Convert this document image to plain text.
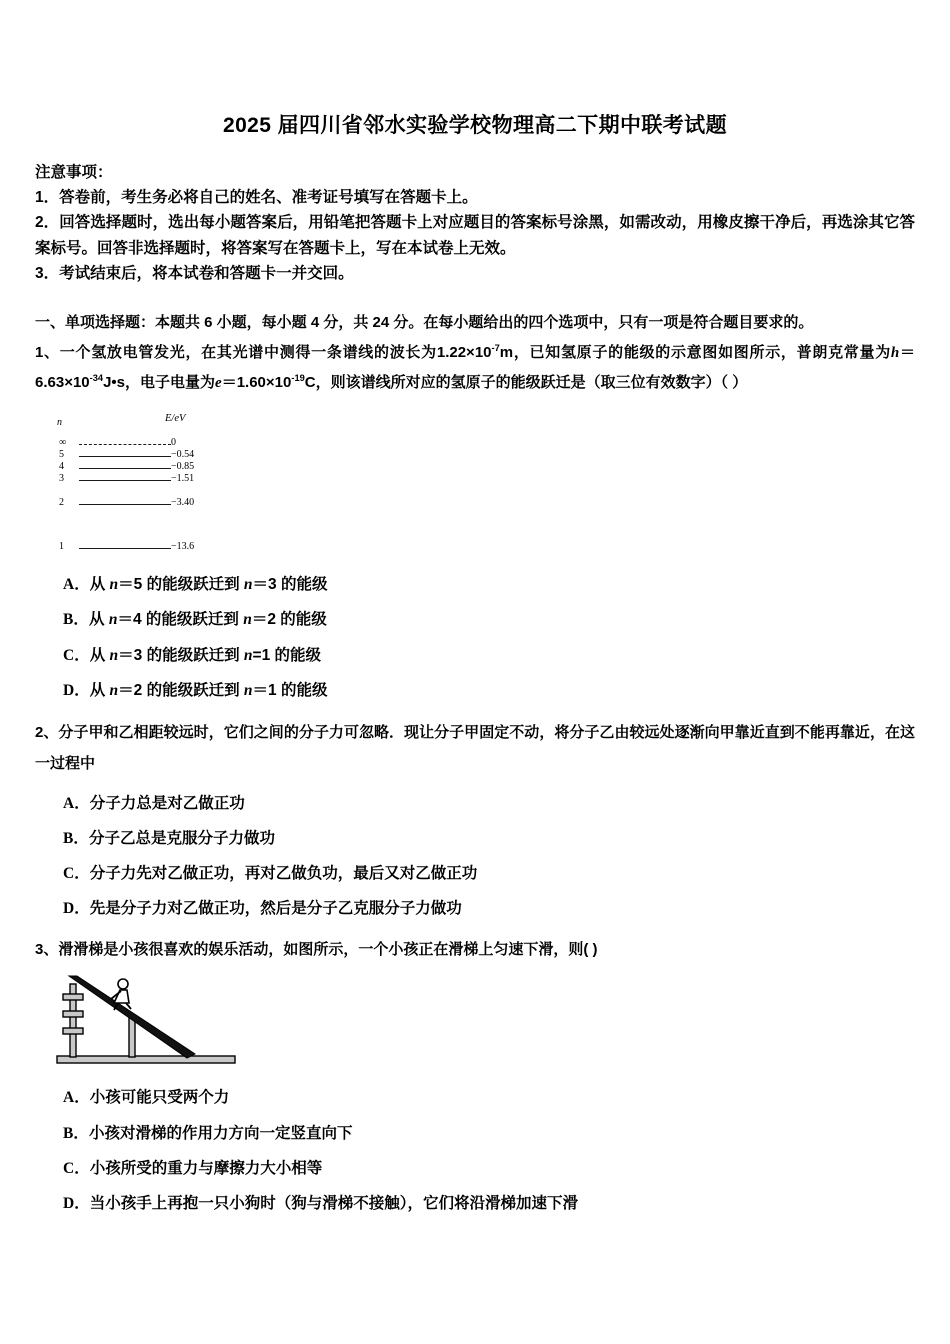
2025 届四川省邻水实验学校物理高二下期中联考试题
注意事项：
1．答卷前，考生务必将自己的姓名、准考证号填写在答题卡上。
2．回答选择题时，选出每小题答案后，用铅笔把答题卡上对应题目的答案标号涂黑，如需改动，用橡皮擦干净后，再选涂其它答案标号。回答非选择题时，将答案写在答题卡上，写在本试卷上无效。
3．考试结束后，将本试卷和答题卡一并交回。
一、单项选择题：本题共 6 小题，每小题 4 分，共 24 分。在每小题给出的四个选项中，只有一项是符合题目要求的。
1、一个氢放电管发光，在其光谱中测得一条谱线的波长为$1.22\times 10^{-7}m$，已知氢原子的能级的示意图如图所示，普朗克常量为$h=6.63\times 10^{-34}J•s$，电子电量为$e=1.60\times 10^{-19}C$，则该谱线所对应的氢原子的能级跃迁是（取三位有效数字）（ ）
n	E/eV
∞	0
5	−0.54
4	−0.85
3	−1.51
2	−3.40
1	−13.6
A．从 n＝5 的能级跃迁到 n＝3 的能级
B．从 n＝4 的能级跃迁到 n＝2 的能级
C．从 n＝3 的能级跃迁到 n=1 的能级
D．从 n＝2 的能级跃迁到 n＝1 的能级
2、分子甲和乙相距较远时，它们之间的分子力可忽略．现让分子甲固定不动，将分子乙由较远处逐渐向甲靠近直到不能再靠近，在这一过程中
A．分子力总是对乙做正功
B．分子乙总是克服分子力做功
C．分子力先对乙做正功，再对乙做负功，最后又对乙做正功
D．先是分子力对乙做正功，然后是分子乙克服分子力做功
3、滑滑梯是小孩很喜欢的娱乐活动，如图所示，一个小孩正在滑梯上匀速下滑，则( )
A．小孩可能只受两个力
B．小孩对滑梯的作用力方向一定竖直向下
C．小孩所受的重力与摩擦力大小相等
D．当小孩手上再抱一只小狗时（狗与滑梯不接触），它们将沿滑梯加速下滑
